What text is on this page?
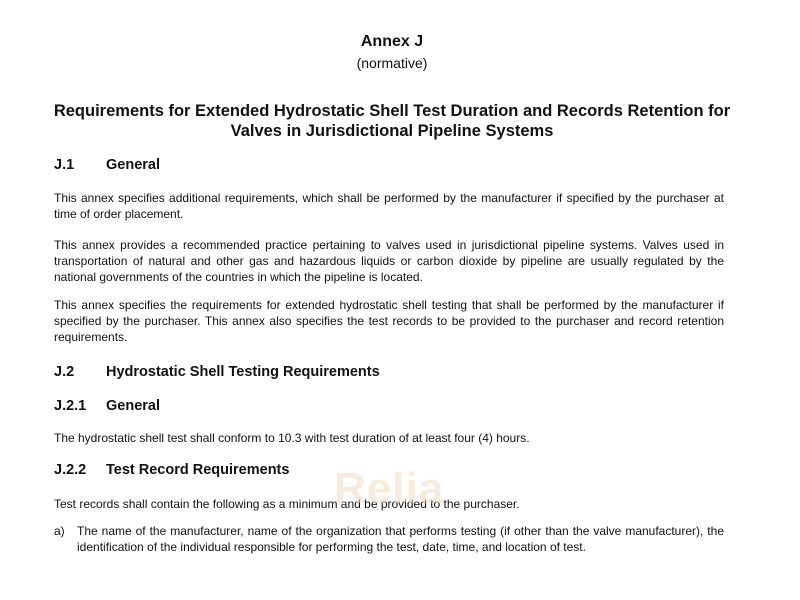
Annex J
(normative)
Requirements for Extended Hydrostatic Shell Test Duration and Records Retention for Valves in Jurisdictional Pipeline Systems
J.1 General
This annex specifies additional requirements, which shall be performed by the manufacturer if specified by the purchaser at time of order placement.
This annex provides a recommended practice pertaining to valves used in jurisdictional pipeline systems. Valves used in transportation of natural and other gas and hazardous liquids or carbon dioxide by pipeline are usually regulated by the national governments of the countries in which the pipeline is located.
This annex specifies the requirements for extended hydrostatic shell testing that shall be performed by the manufacturer if specified by the purchaser. This annex also specifies the test records to be provided to the purchaser and record retention requirements.
J.2 Hydrostatic Shell Testing Requirements
J.2.1 General
The hydrostatic shell test shall conform to 10.3 with test duration of at least four (4) hours.
J.2.2 Test Record Requirements
Test records shall contain the following as a minimum and be provided to the purchaser.
a) The name of the manufacturer, name of the organization that performs testing (if other than the valve manufacturer), the identification of the individual responsible for performing the test, date, time, and location of test.
Relia
